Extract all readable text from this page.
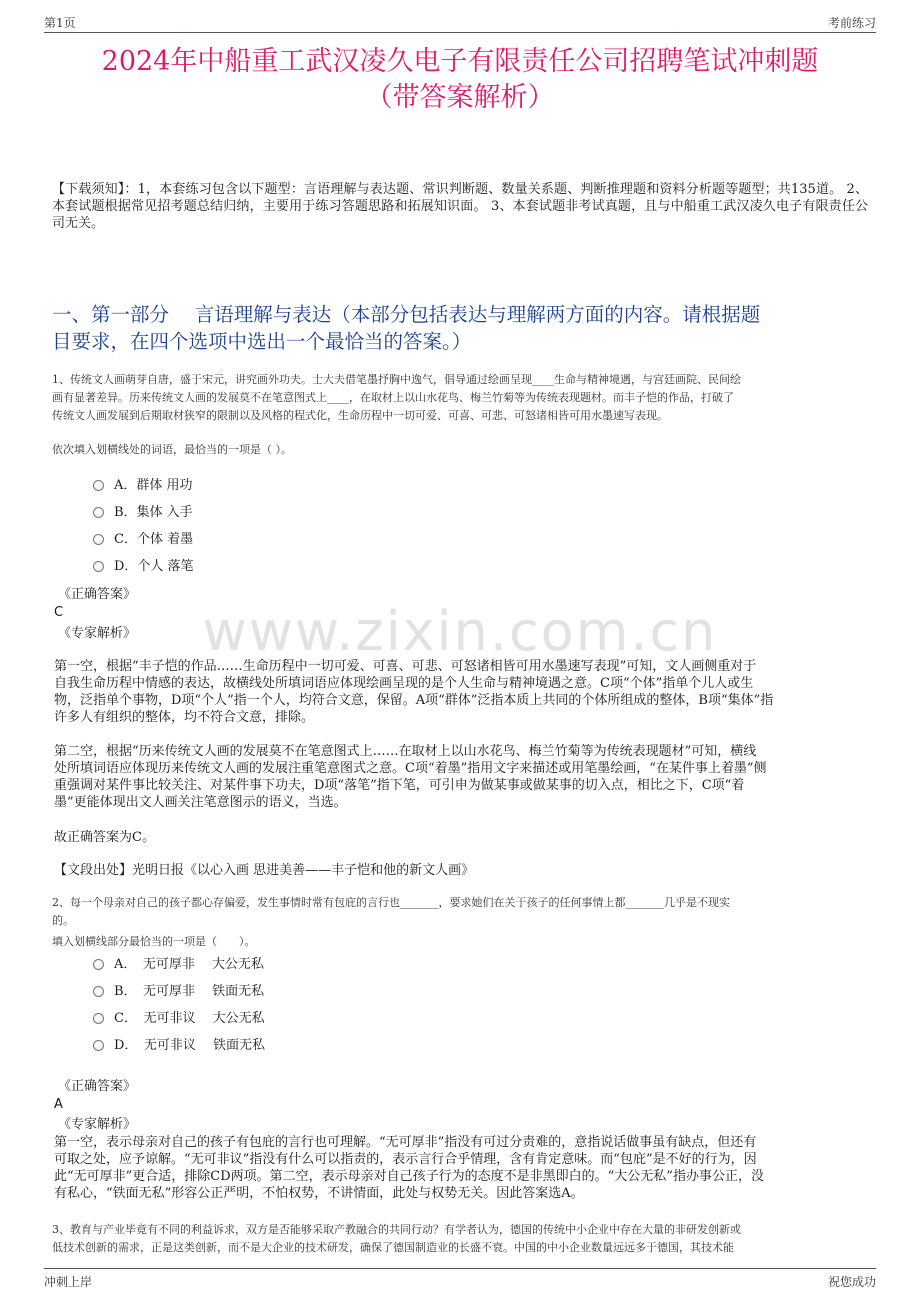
第1页	考前练习
2024年中船重工武汉凌久电子有限责任公司招聘笔试冲刺题
（带答案解析）
【下载须知】：1，本套练习包含以下题型：言语理解与表达题、常识判断题、数量关系题、判断推理题和资料分析题等题型；共135道。 2、本套试题根据常见招考题总结归纳，主要用于练习答题思路和拓展知识面。 3、本套试题非考试真题，且与中船重工武汉凌久电子有限责任公司无关。
一、第一部分　 言语理解与表达（本部分包括表达与理解两方面的内容。请根据题
目要求，在四个选项中选出一个最恰当的答案。）
1、传统文人画萌芽自唐，盛于宋元，讲究画外功夫。士大夫借笔墨抒胸中逸气，倡导通过绘画呈现____生命与精神境遇，与宫廷画院、民间绘
画有显著差异。历来传统文人画的发展莫不在笔意图式上____，在取材上以山水花鸟、梅兰竹菊等为传统表现题材。而丰子恺的作品，打破了
传统文人画发展到后期取材狭窄的限制以及风格的程式化，生命历程中一切可爱、可喜、可悲、可怒诸相皆可用水墨速写表现。
依次填入划横线处的词语，最恰当的一项是（ ）。
A．群体 用功
B．集体 入手
C．个体 着墨
D．个人 落笔
《正确答案》
C
《专家解析》
第一空，根据“丰子恺的作品……生命历程中一切可爱、可喜、可悲、可怒诸相皆可用水墨速写表现”可知，文人画侧重对于
自我生命历程中情感的表达，故横线处所填词语应体现绘画呈现的是个人生命与精神境遇之意。C项“个体”指单个儿人或生
物，泛指单个事物，D项“个人”指一个人，均符合文意，保留。A项“群体”泛指本质上共同的个体所组成的整体，B项“集体”指
许多人有组织的整体，均不符合文意，排除。
第二空，根据“历来传统文人画的发展莫不在笔意图式上……在取材上以山水花鸟、梅兰竹菊等为传统表现题材”可知，横线
处所填词语应体现历来传统文人画的发展注重笔意图式之意。C项“着墨”指用文字来描述或用笔墨绘画，“在某件事上着墨”侧
重强调对某件事比较关注、对某件事下功夫，D项“落笔”指下笔，可引申为做某事或做某事的切入点，相比之下，C项“着
墨”更能体现出文人画关注笔意图示的语义，当选。
故正确答案为C。
【文段出处】光明日报《以心入画 思进美善——丰子恺和他的新文人画》
2、每一个母亲对自己的孩子都心存偏爱，发生事情时常有包庇的言行也_______，要求她们在关于孩子的任何事情上都_______几乎是不现实
的。
填入划横线部分最恰当的一项是（　　）。
A．　无可厚非　 大公无私
B．　无可厚非　 铁面无私
C．　无可非议　 大公无私
D．　无可非议　 铁面无私
《正确答案》
A
《专家解析》
第一空，表示母亲对自己的孩子有包庇的言行也可理解。“无可厚非”指没有可过分责难的，意指说话做事虽有缺点，但还有
可取之处，应予谅解。“无可非议”指没有什么可以指责的，表示言行合乎情理，含有肯定意味。而“包庇”是不好的行为，因
此“无可厚非”更合适，排除CD两项。第二空，表示母亲对自己孩子行为的态度不是非黑即白的。“大公无私”指办事公正，没
有私心，“铁面无私”形容公正严明，不怕权势，不讲情面，此处与权势无关。因此答案选A。
3、教育与产业毕竟有不同的利益诉求，双方是否能够采取产教融合的共同行动？有学者认为，德国的传统中小企业中存在大量的非研发创新或
低技术创新的需求，正是这类创新，而不是大企业的技术研发，确保了德国制造业的长盛不衰。中国的中小企业数量远远多于德国，其技术能
www.zixin.com.cn
冲刺上岸	祝您成功
